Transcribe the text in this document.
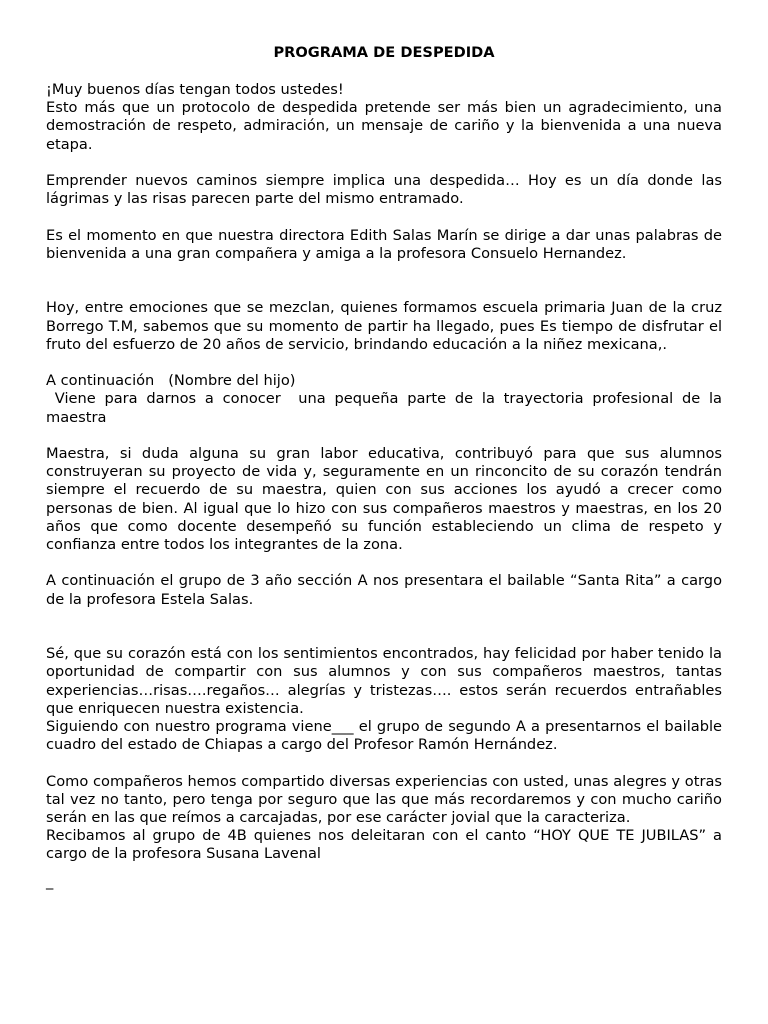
PROGRAMA DE DESPEDIDA

¡Muy buenos días tengan todos ustedes!

Esto más que un protocolo de despedida pretende ser más bien un agradecimiento, una demostración de respeto, admiración, un mensaje de cariño y la bienvenida a una nueva etapa.

Emprender nuevos caminos siempre implica una despedida… Hoy es un día donde las lágrimas y las risas parecen parte del mismo entramado.

Es el momento en que nuestra directora Edith Salas Marín se dirige a dar unas palabras de bienvenida a una gran compañera y amiga a la profesora Consuelo Hernandez.

Hoy, entre emociones que se mezclan, quienes formamos escuela primaria Juan de la cruz Borrego T.M, sabemos que su momento de partir ha llegado, pues Es tiempo de disfrutar el fruto del esfuerzo de 20 años de servicio, brindando educación a la niñez mexicana,.

A continuación   (Nombre del hijo)

Viene para darnos a conocer  una pequeña parte de la trayectoria profesional de la maestra

Maestra, si duda alguna su gran labor educativa, contribuyó para que sus alumnos construyeran su proyecto de vida y, seguramente en un rinconcito de su corazón tendrán siempre el recuerdo de su maestra, quien con sus acciones los ayudó a crecer como personas de bien. Al igual que lo hizo con sus compañeros maestros y maestras, en los 20 años que como docente desempeñó su función estableciendo un clima de respeto y confianza entre todos los integrantes de la zona.

A continuación el grupo de 3 año sección A nos presentara el bailable “Santa Rita” a cargo de la profesora Estela Salas.

Sé, que su corazón está con los sentimientos encontrados, hay felicidad por haber tenido la oportunidad de compartir con sus alumnos y con sus compañeros maestros, tantas experiencias…risas….regaños… alegrías y tristezas…. estos serán recuerdos entrañables que enriquecen nuestra existencia.

Siguiendo con nuestro programa viene___ el grupo de segundo A a presentarnos el bailable cuadro del estado de Chiapas a cargo del Profesor Ramón Hernández.

Como compañeros hemos compartido diversas experiencias con usted, unas alegres y otras tal vez no tanto, pero tenga por seguro que las que más recordaremos y con mucho cariño serán en las que reímos a carcajadas, por ese carácter jovial que la caracteriza.

Recibamos al grupo de 4B quienes nos deleitaran con el canto “HOY QUE TE JUBILAS” a cargo de la profesora Susana Lavenal

_
